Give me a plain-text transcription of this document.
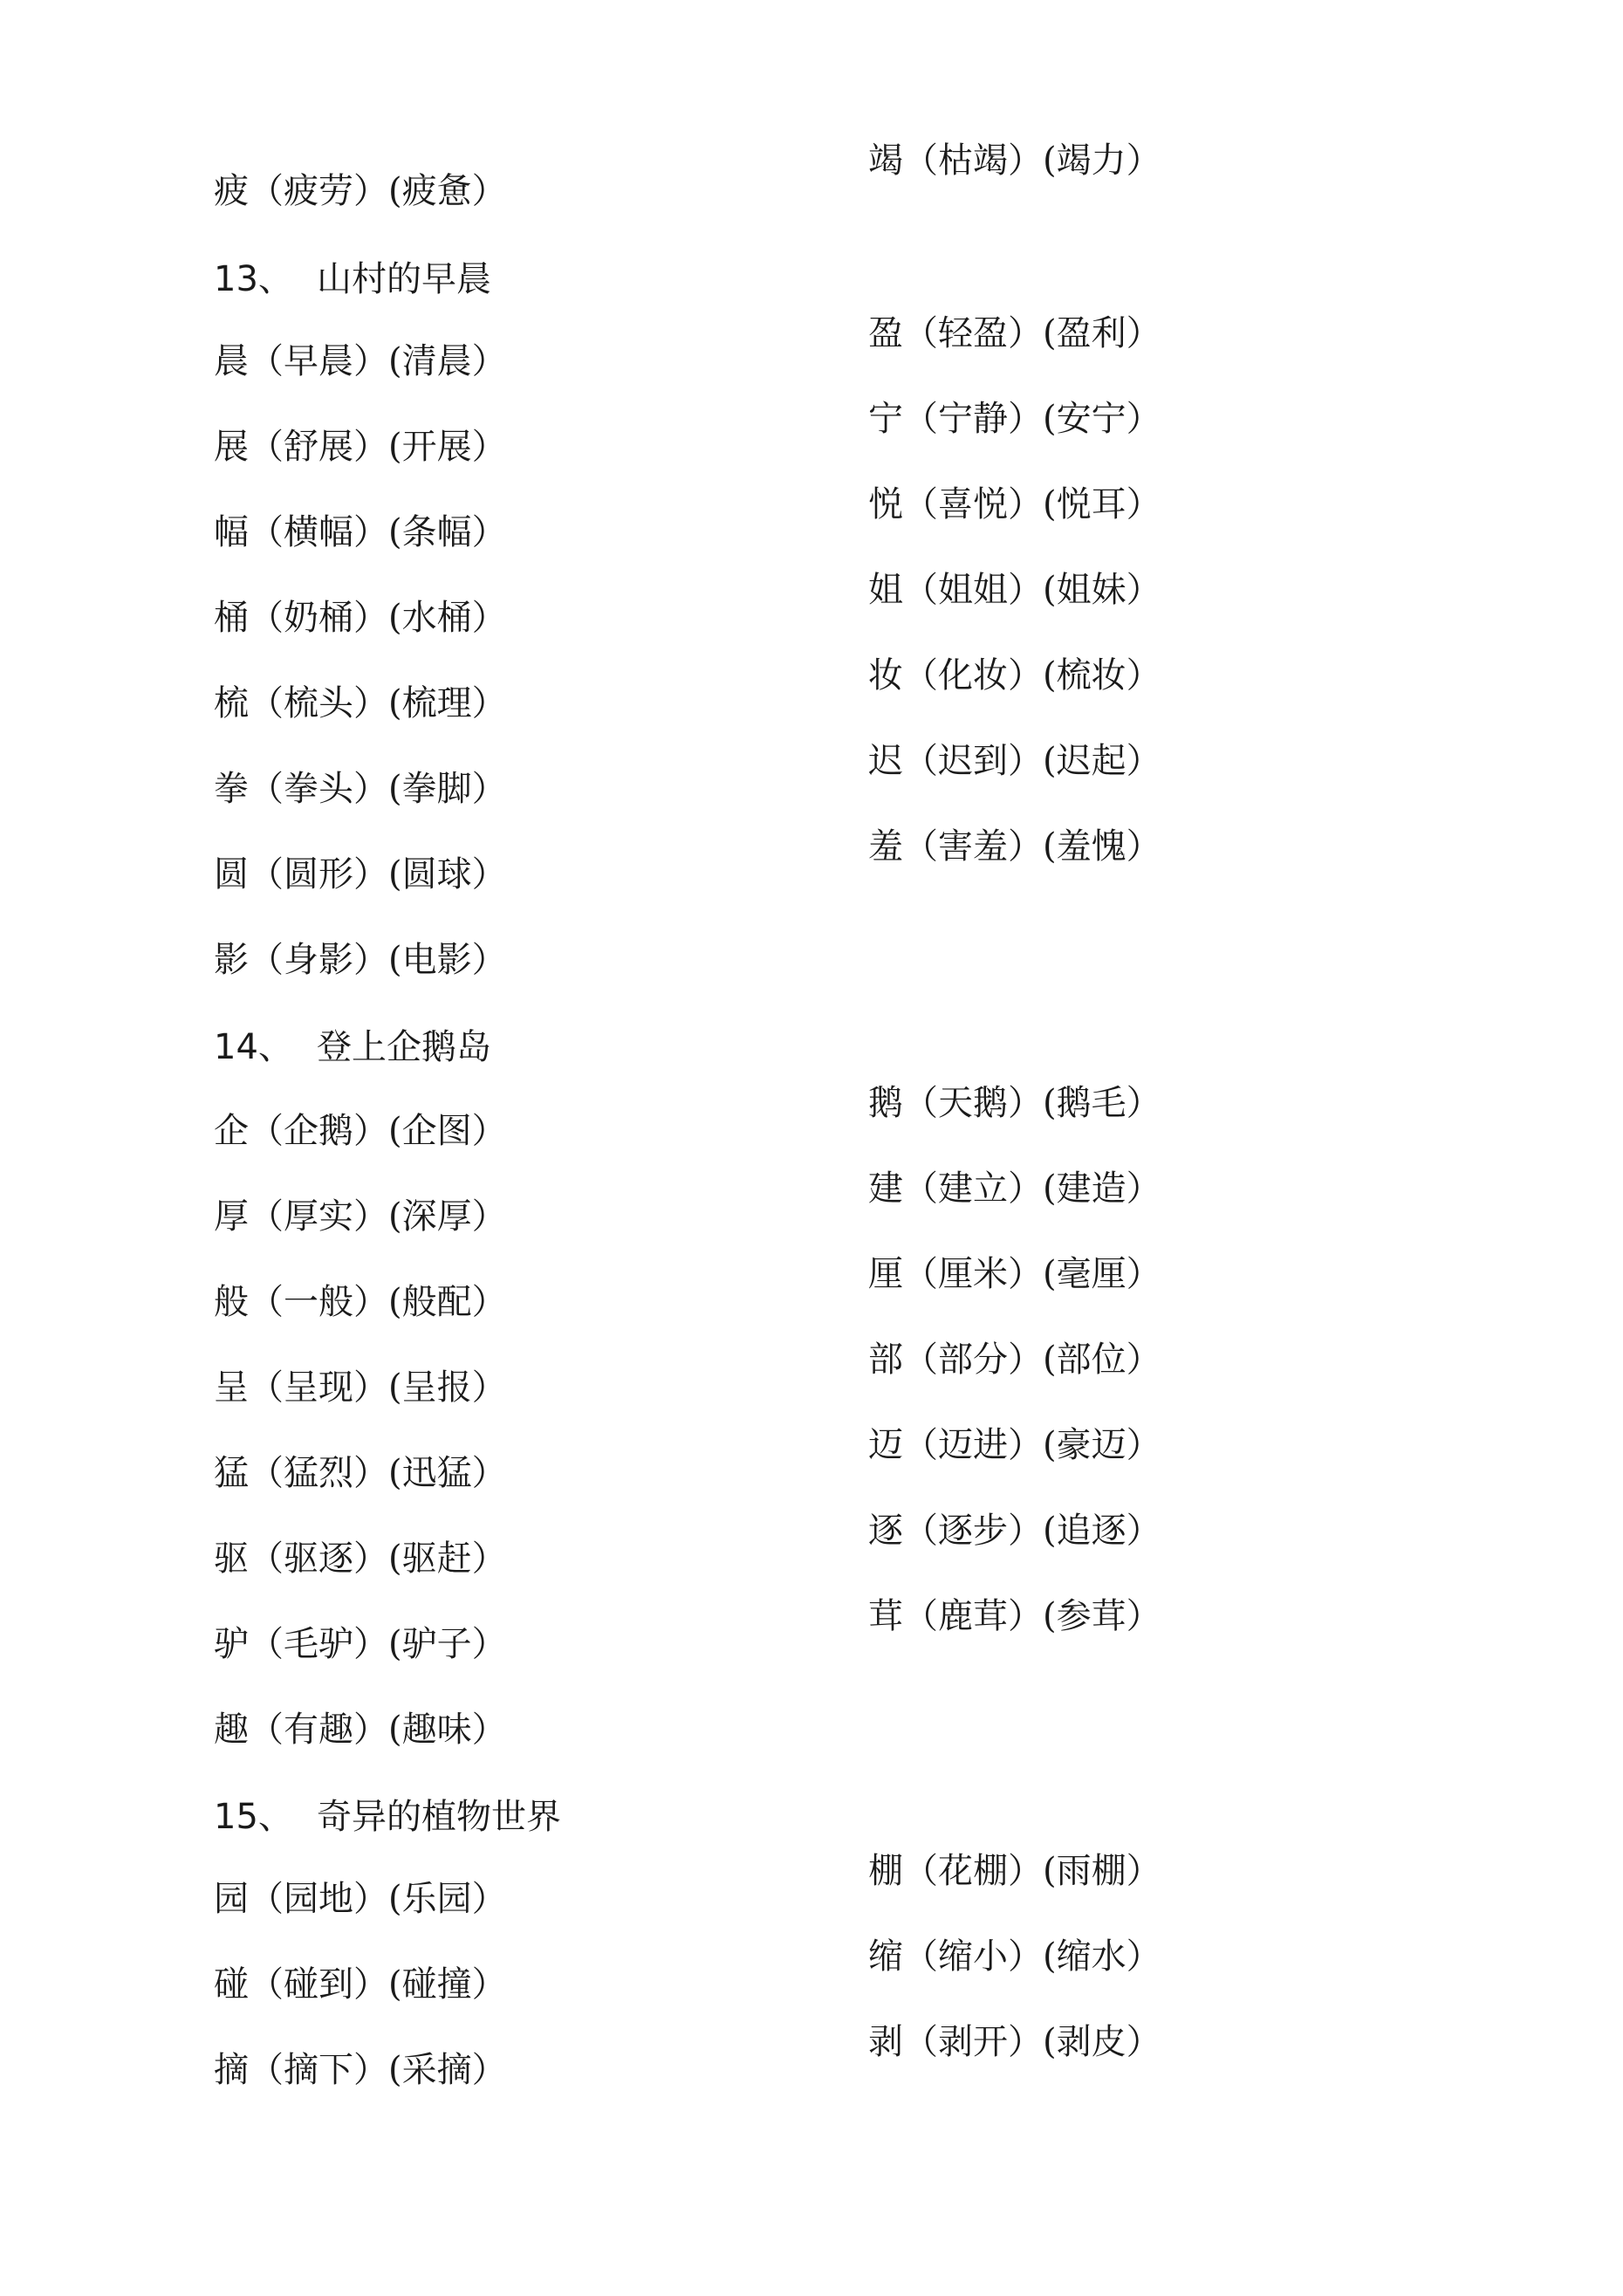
疲（疲劳）(疲惫）
13、 山村的早晨
晨（早晨）(清晨）
展（舒展）(开展）
幅（横幅）(条幅）
桶（奶桶）(水桶）
梳（梳头）(梳理）
拳（拳头）(拳脚）
圆（圆形）(圆球）
影（身影）(电影）
14、 登上企鹅岛
企（企鹅）(企图）
厚（厚实）(深厚）
般（一般）(般配）
呈（呈现）(呈报）
猛（猛烈）(迅猛）
驱（驱逐）(驱赶）
驴（毛驴）(驴子）
趣（有趣）(趣味）
15、 奇异的植物世界
园（园地）(乐园）
碰（碰到）(碰撞）
摘（摘下）(采摘）
竭（枯竭）(竭力）
盈（轻盈）(盈利）
宁（宁静）(安宁）
悦（喜悦）(悦耳）
姐（姐姐）(姐妹）
妆（化妆）(梳妆）
迟（迟到）(迟起）
羞（害羞）(羞愧）
鹅（天鹅）(鹅毛）
建（建立）(建造）
厘（厘米）(毫厘）
部（部分）(部位）
迈（迈进）(豪迈）
逐（逐步）(追逐）
茸（鹿茸）(参茸）
棚（花棚）(雨棚）
缩（缩小）(缩水）
剥（剥开）(剥皮）
